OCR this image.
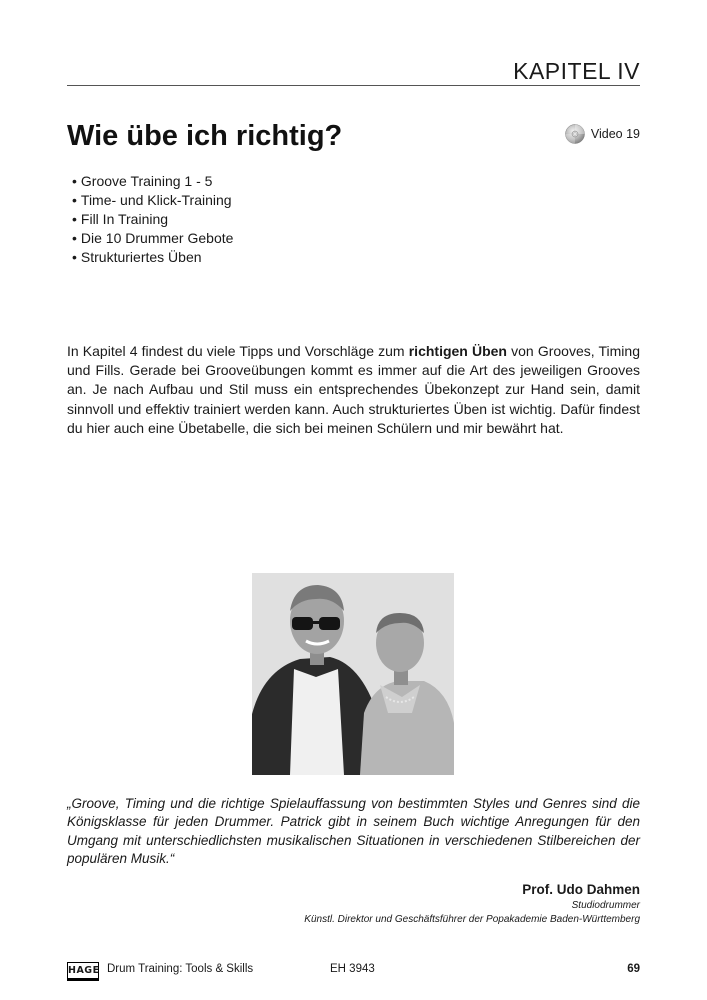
KAPITEL IV
Wie übe ich richtig?	Video 19
• Groove Training 1 - 5
• Time- und Klick-Training
• Fill In Training
• Die 10 Drummer Gebote
• Strukturiertes Üben

In Kapitel 4 findest du viele Tipps und Vorschläge zum richtigen Üben von Grooves, Timing und Fills. Gerade bei Grooveübungen kommt es immer auf die Art des jeweiligen Grooves an. Je nach Aufbau und Stil muss ein entsprechendes Übekonzept zur Hand sein, damit sinnvoll und effektiv trainiert werden kann. Auch strukturiertes Üben ist wichtig. Dafür findest du hier auch eine Übetabelle, die sich bei meinen Schülern und mir bewährt hat.

„Groove, Timing und die richtige Spielauffassung von bestimmten Styles und Genres sind die Königsklasse für jeden Drummer. Patrick gibt in seinem Buch wichtige Anregungen für den Umgang mit unterschiedlichsten musikalischen Situationen in verschiedenen Stilbereichen der populären Musik.“

Prof. Udo Dahmen
Studiodrummer
Künstl. Direktor und Geschäftsführer der Popakademie Baden-Württemberg
HAGE Drum Training: Tools & Skills	EH 3943	69
